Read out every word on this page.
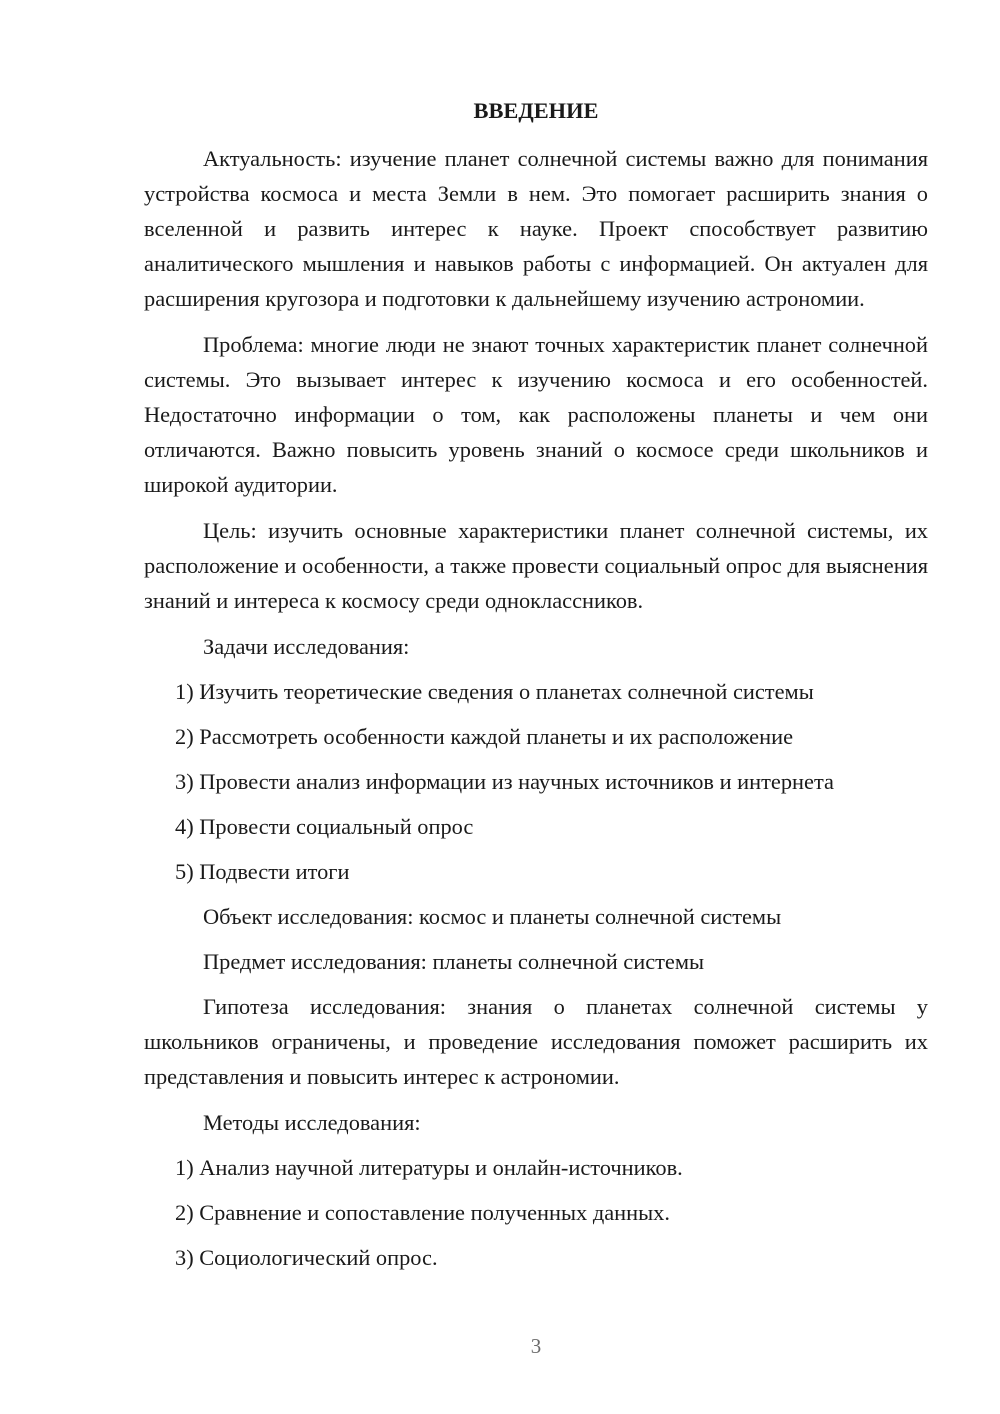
ВВЕДЕНИЕ

Актуальность: изучение планет солнечной системы важно для понимания устройства космоса и места Земли в нем. Это помогает расширить знания о вселенной и развить интерес к науке. Проект способствует развитию аналитического мышления и навыков работы с информацией. Он актуален для расширения кругозора и подготовки к дальнейшему изучению астрономии.

Проблема: многие люди не знают точных характеристик планет солнечной системы. Это вызывает интерес к изучению космоса и его особенностей. Недостаточно информации о том, как расположены планеты и чем они отличаются. Важно повысить уровень знаний о космосе среди школьников и широкой аудитории.

Цель: изучить основные характеристики планет солнечной системы, их расположение и особенности, а также провести социальный опрос для выяснения знаний и интереса к космосу среди одноклассников.

Задачи исследования:

1) Изучить теоретические сведения о планетах солнечной системы

2) Рассмотреть особенности каждой планеты и их расположение

3) Провести анализ информации из научных источников и интернета

4) Провести социальный опрос

5) Подвести итоги

Объект исследования: космос и планеты солнечной системы

Предмет исследования: планеты солнечной системы

Гипотеза исследования: знания о планетах солнечной системы у школьников ограничены, и проведение исследования поможет расширить их представления и повысить интерес к астрономии.

Методы исследования:

1) Анализ научной литературы и онлайн-источников.

2) Сравнение и сопоставление полученных данных.

3) Социологический опрос.

3
